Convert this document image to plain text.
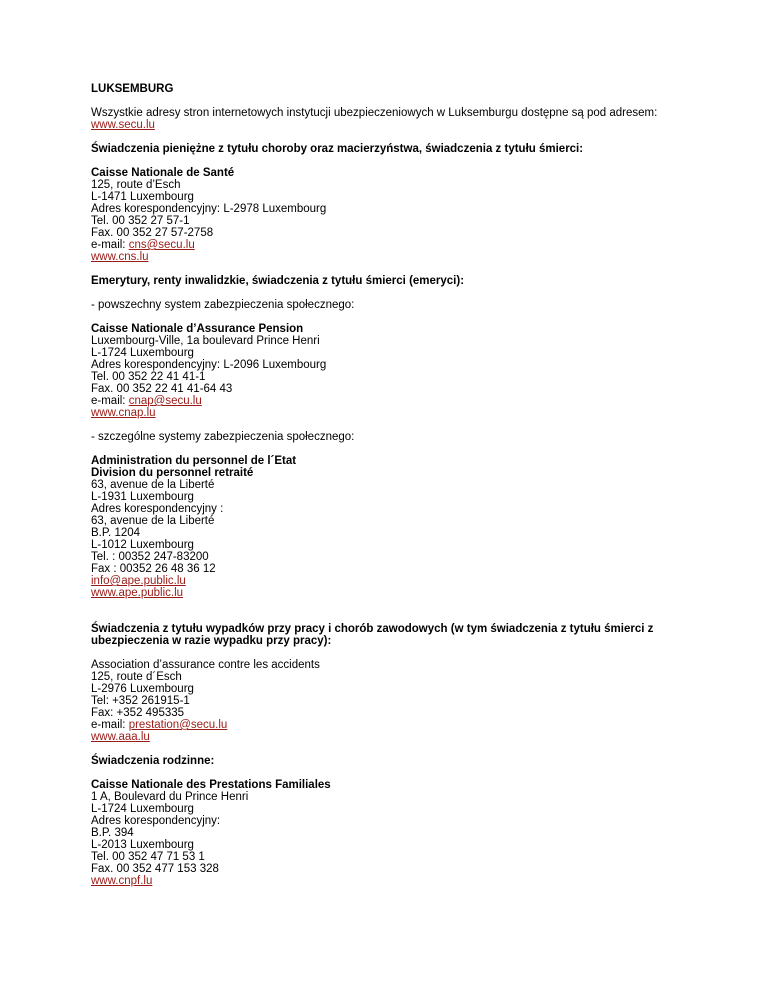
LUKSEMBURG
Wszystkie adresy stron internetowych instytucji ubezpieczeniowych w Luksemburgu dostępne są pod adresem:
www.secu.lu
Świadczenia pieniężne z tytułu choroby oraz macierzyństwa, świadczenia z tytułu śmierci:
Caisse Nationale de Santé
125, route d’Esch
L-1471 Luxembourg
Adres korespondencyjny: L-2978 Luxembourg
Tel. 00 352 27 57-1
Fax. 00 352 27 57-2758
e-mail: cns@secu.lu
www.cns.lu
Emerytury, renty inwalidzkie, świadczenia z tytułu śmierci (emeryci):
- powszechny system zabezpieczenia społecznego:
Caisse Nationale d’Assurance Pension
Luxembourg-Ville, 1a boulevard Prince Henri
L-1724 Luxembourg
Adres korespondencyjny: L-2096 Luxembourg
Tel. 00 352 22 41 41-1
Fax. 00 352 22 41 41-64 43
e-mail: cnap@secu.lu
www.cnap.lu
- szczególne systemy zabezpieczenia społecznego:
Administration du personnel de l´Etat
Division du personnel retraité
63, avenue de la Liberté
L-1931 Luxembourg
Adres korespondencyjny :
63, avenue de la Liberté
B.P. 1204
L-1012 Luxembourg
Tel. : 00352 247-83200
Fax : 00352 26 48 36 12
info@ape.public.lu
www.ape.public.lu
Świadczenia z tytułu wypadków przy pracy i chorób zawodowych (w tym świadczenia z tytułu śmierci z ubezpieczenia w razie wypadku przy pracy):
Association d’assurance contre les accidents
125, route d´Esch
L-2976 Luxembourg
Tel: +352 261915-1
Fax: +352 495335
e-mail: prestation@secu.lu
www.aaa.lu
Świadczenia rodzinne:
Caisse Nationale des Prestations Familiales
1 A, Boulevard du Prince Henri
L-1724 Luxembourg
Adres korespondencyjny:
B.P. 394
L-2013 Luxembourg
Tel. 00 352 47 71 53 1
Fax. 00 352 477 153 328
www.cnpf.lu
